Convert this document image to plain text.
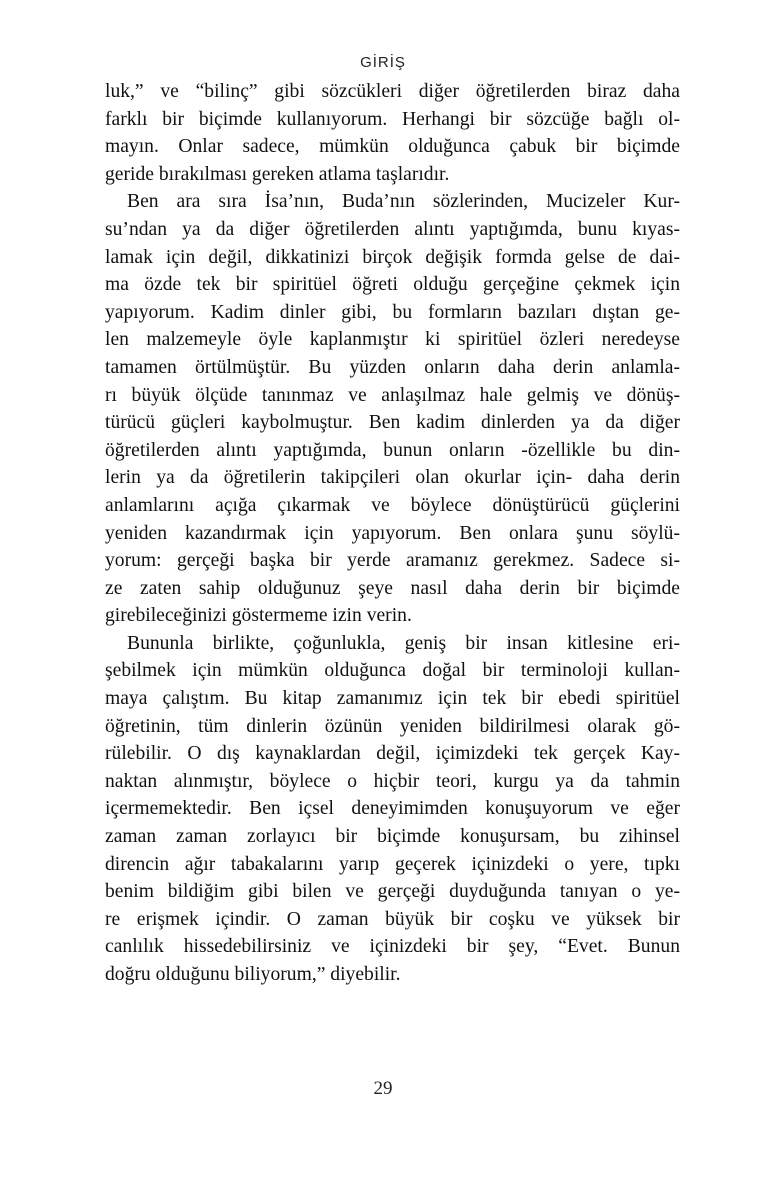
GİRİŞ

luk,” ve “bilinç” gibi sözcükleri diğer öğretilerden biraz daha
farklı bir biçimde kullanıyorum. Herhangi bir sözcüğe bağlı ol-
mayın. Onlar sadece, mümkün olduğunca çabuk bir biçimde
geride bırakılması gereken atlama taşlarıdır.

Ben ara sıra İsa’nın, Buda’nın sözlerinden, Mucizeler Kur-
su’ndan ya da diğer öğretilerden alıntı yaptığımda, bunu kıyas-
lamak için değil, dikkatinizi birçok değişik formda gelse de dai-
ma özde tek bir spiritüel öğreti olduğu gerçeğine çekmek için
yapıyorum. Kadim dinler gibi, bu formların bazıları dıştan ge-
len malzemeyle öyle kaplanmıştır ki spiritüel özleri neredeyse
tamamen örtülmüştür. Bu yüzden onların daha derin anlamla-
rı büyük ölçüde tanınmaz ve anlaşılmaz hale gelmiş ve dönüş-
türücü güçleri kaybolmuştur. Ben kadim dinlerden ya da diğer
öğretilerden alıntı yaptığımda, bunun onların -özellikle bu din-
lerin ya da öğretilerin takipçileri olan okurlar için- daha derin
anlamlarını açığa çıkarmak ve böylece dönüştürücü güçlerini
yeniden kazandırmak için yapıyorum. Ben onlara şunu söylü-
yorum: gerçeği başka bir yerde aramanız gerekmez. Sadece si-
ze zaten sahip olduğunuz şeye nasıl daha derin bir biçimde
girebileceğinizi göstermeme izin verin.

Bununla birlikte, çoğunlukla, geniş bir insan kitlesine eri-
şebilmek için mümkün olduğunca doğal bir terminoloji kullan-
maya çalıştım. Bu kitap zamanımız için tek bir ebedi spiritüel
öğretinin, tüm dinlerin özünün yeniden bildirilmesi olarak gö-
rülebilir. O dış kaynaklardan değil, içimizdeki tek gerçek Kay-
naktan alınmıştır, böylece o hiçbir teori, kurgu ya da tahmin
içermemektedir. Ben içsel deneyimimden konuşuyorum ve eğer
zaman zaman zorlayıcı bir biçimde konuşursam, bu zihinsel
direncin ağır tabakalarını yarıp geçerek içinizdeki o yere, tıpkı
benim bildiğim gibi bilen ve gerçeği duyduğunda tanıyan o ye-
re erişmek içindir. O zaman büyük bir coşku ve yüksek bir
canlılık hissedebilirsiniz ve içinizdeki bir şey, “Evet. Bunun
doğru olduğunu biliyorum,” diyebilir.

29
